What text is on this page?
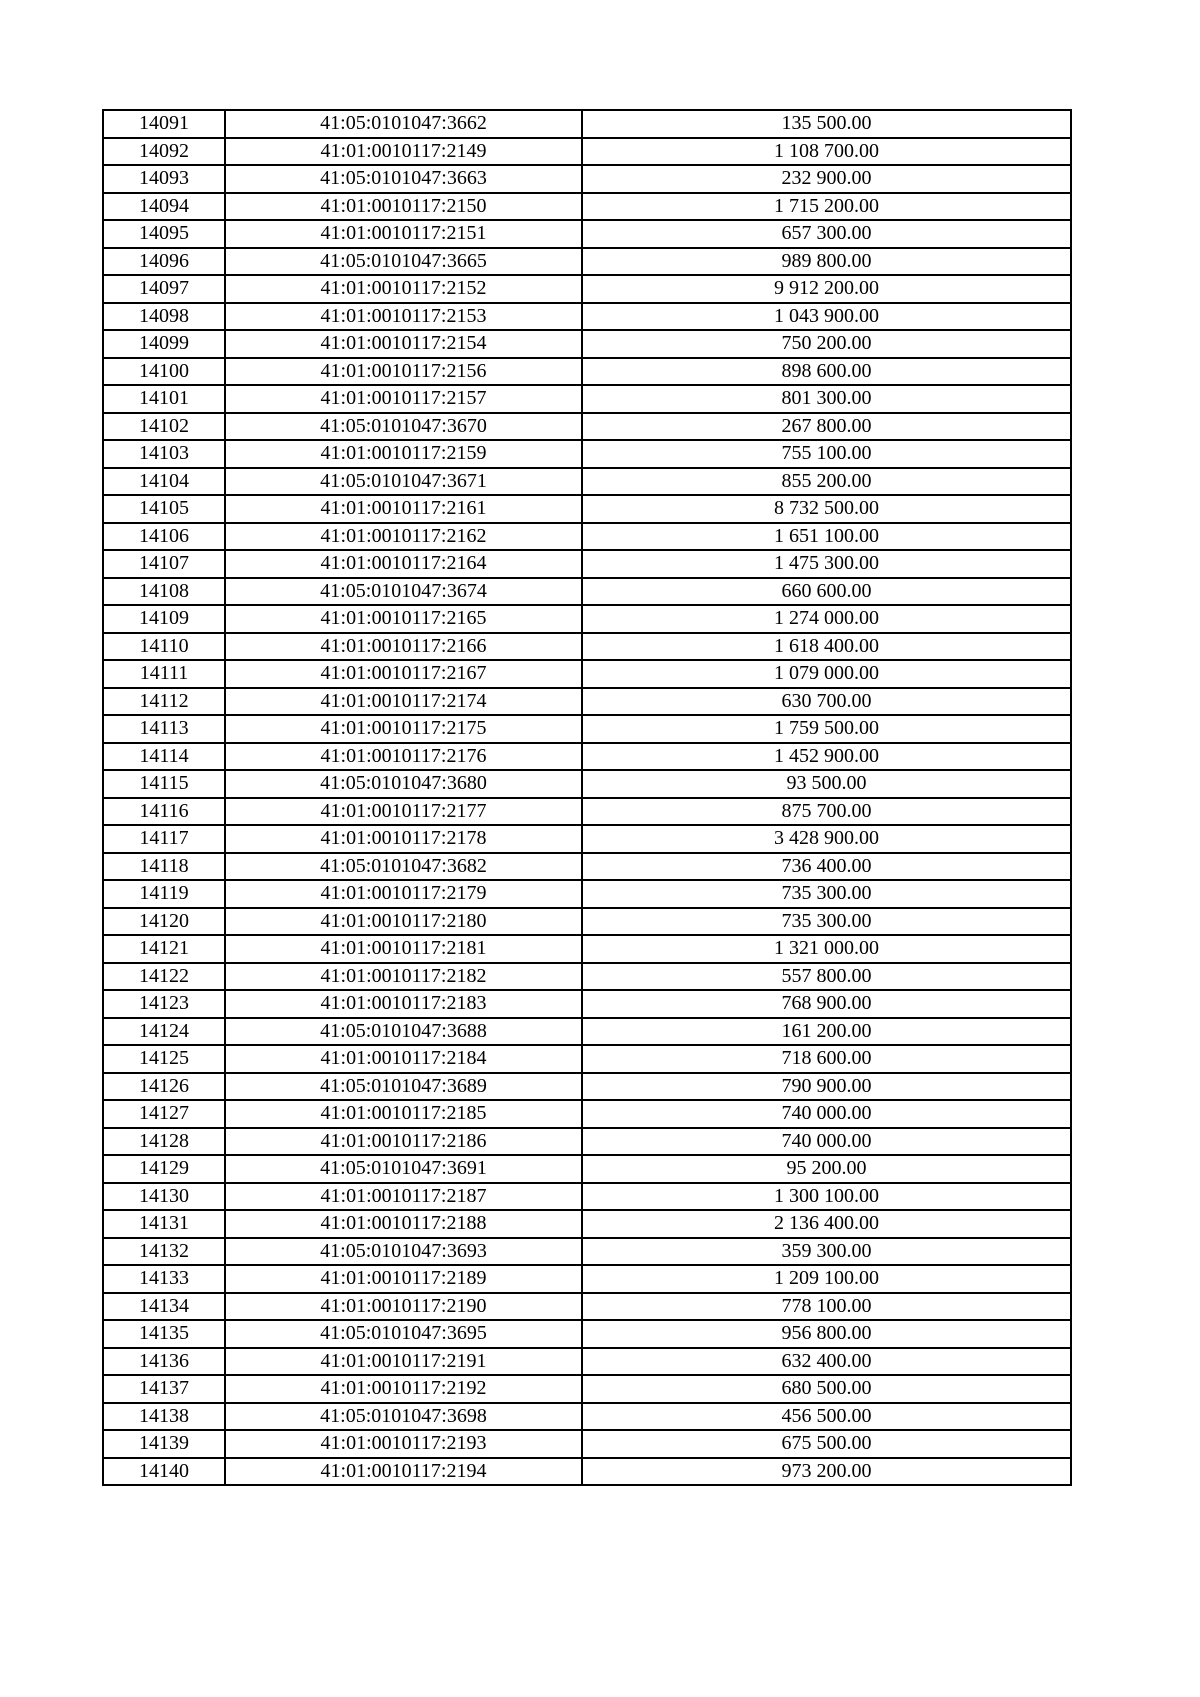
14091	41:05:0101047:3662	135 500.00
14092	41:01:0010117:2149	1 108 700.00
14093	41:05:0101047:3663	232 900.00
14094	41:01:0010117:2150	1 715 200.00
14095	41:01:0010117:2151	657 300.00
14096	41:05:0101047:3665	989 800.00
14097	41:01:0010117:2152	9 912 200.00
14098	41:01:0010117:2153	1 043 900.00
14099	41:01:0010117:2154	750 200.00
14100	41:01:0010117:2156	898 600.00
14101	41:01:0010117:2157	801 300.00
14102	41:05:0101047:3670	267 800.00
14103	41:01:0010117:2159	755 100.00
14104	41:05:0101047:3671	855 200.00
14105	41:01:0010117:2161	8 732 500.00
14106	41:01:0010117:2162	1 651 100.00
14107	41:01:0010117:2164	1 475 300.00
14108	41:05:0101047:3674	660 600.00
14109	41:01:0010117:2165	1 274 000.00
14110	41:01:0010117:2166	1 618 400.00
14111	41:01:0010117:2167	1 079 000.00
14112	41:01:0010117:2174	630 700.00
14113	41:01:0010117:2175	1 759 500.00
14114	41:01:0010117:2176	1 452 900.00
14115	41:05:0101047:3680	93 500.00
14116	41:01:0010117:2177	875 700.00
14117	41:01:0010117:2178	3 428 900.00
14118	41:05:0101047:3682	736 400.00
14119	41:01:0010117:2179	735 300.00
14120	41:01:0010117:2180	735 300.00
14121	41:01:0010117:2181	1 321 000.00
14122	41:01:0010117:2182	557 800.00
14123	41:01:0010117:2183	768 900.00
14124	41:05:0101047:3688	161 200.00
14125	41:01:0010117:2184	718 600.00
14126	41:05:0101047:3689	790 900.00
14127	41:01:0010117:2185	740 000.00
14128	41:01:0010117:2186	740 000.00
14129	41:05:0101047:3691	95 200.00
14130	41:01:0010117:2187	1 300 100.00
14131	41:01:0010117:2188	2 136 400.00
14132	41:05:0101047:3693	359 300.00
14133	41:01:0010117:2189	1 209 100.00
14134	41:01:0010117:2190	778 100.00
14135	41:05:0101047:3695	956 800.00
14136	41:01:0010117:2191	632 400.00
14137	41:01:0010117:2192	680 500.00
14138	41:05:0101047:3698	456 500.00
14139	41:01:0010117:2193	675 500.00
14140	41:01:0010117:2194	973 200.00
